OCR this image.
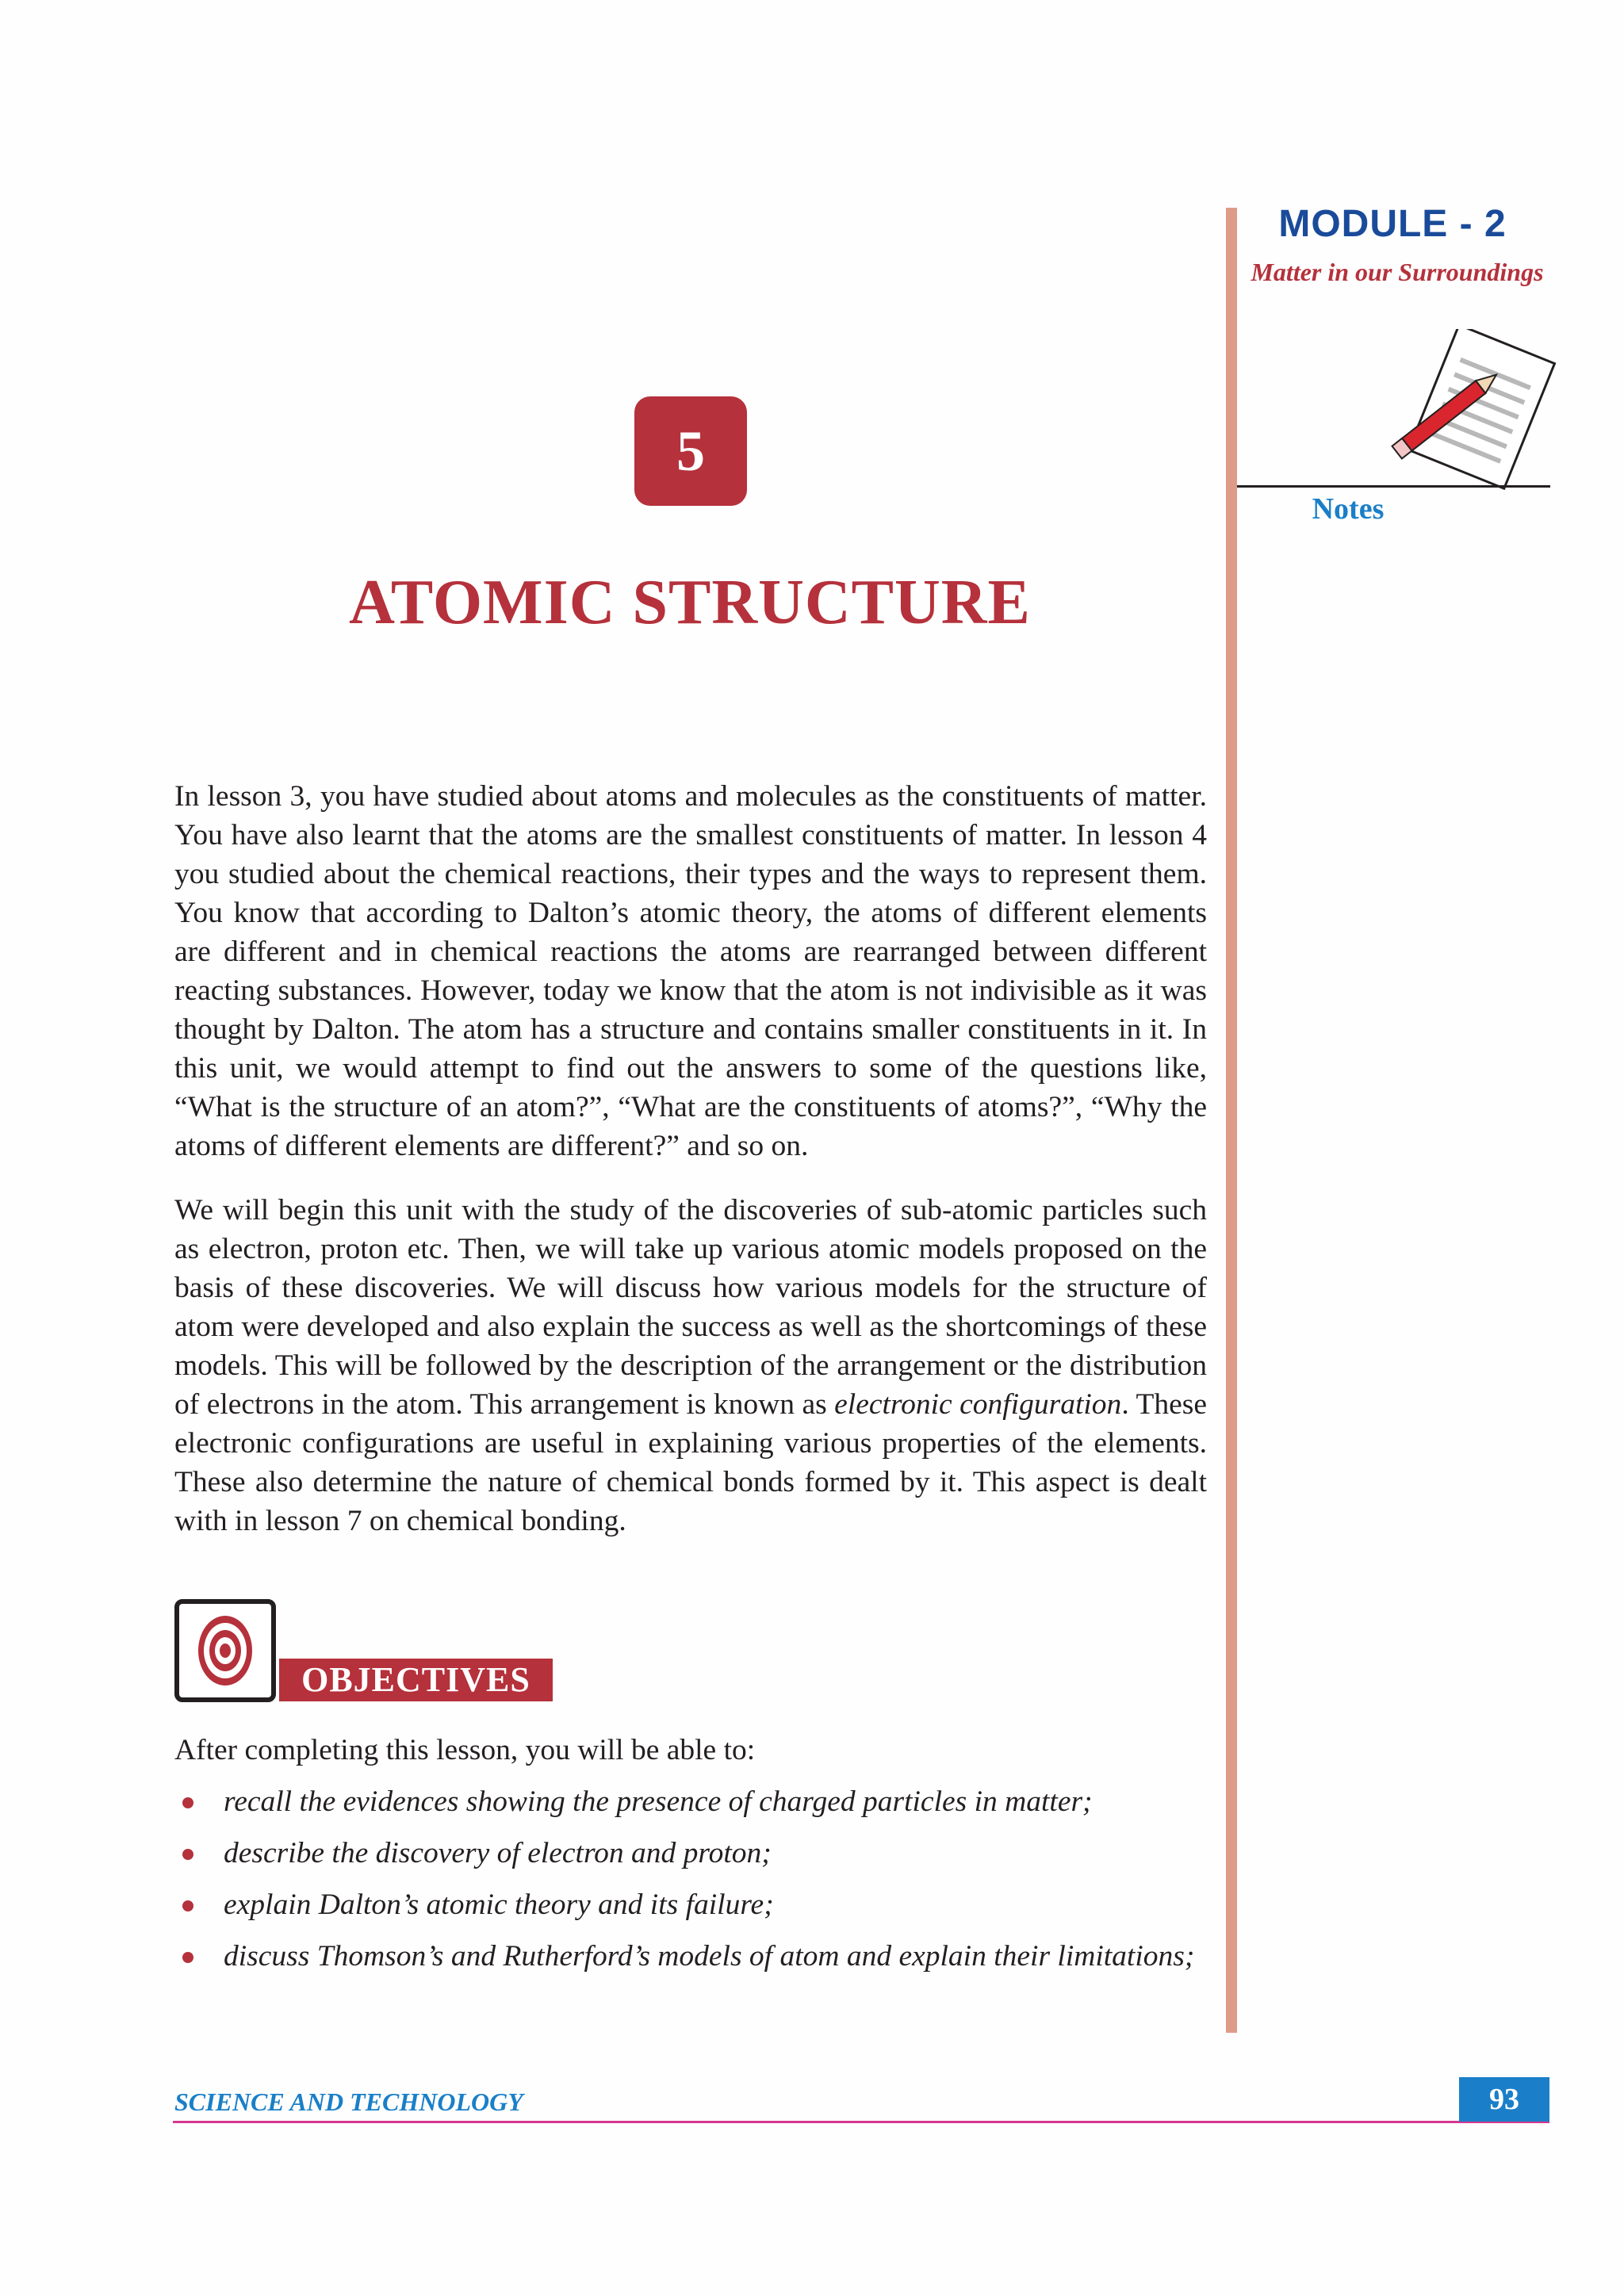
MODULE - 2
Matter in our Surroundings
Notes
5
ATOMIC STRUCTURE

In lesson 3, you have studied about atoms and molecules as the constituents of matter. You have also learnt that the atoms are the smallest constituents of matter. In lesson 4 you studied about the chemical reactions, their types and the ways to represent them. You know that according to Dalton’s atomic theory, the atoms of different elements are different and in chemical reactions the atoms are rearranged between different reacting substances. However, today we know that the atom is not indivisible as it was thought by Dalton. The atom has a structure and contains smaller constituents in it. In this unit, we would attempt to find out the answers to some of the questions like, “What is the structure of an atom?”, “What are the constituents of atoms?”, “Why the atoms of different elements are different?” and so on.

We will begin this unit with the study of the discoveries of sub-atomic particles such as electron, proton etc. Then, we will take up various atomic models proposed on the basis of these discoveries. We will discuss how various models for the structure of atom were developed and also explain the success as well as the shortcomings of these models. This will be followed by the description of the arrangement or the distribution of electrons in the atom. This arrangement is known as electronic configuration. These electronic configurations are useful in explaining various properties of the elements. These also determine the nature of chemical bonds formed by it. This aspect is dealt with in lesson 7 on chemical bonding.

OBJECTIVES
After completing this lesson, you will be able to:
recall the evidences showing the presence of charged particles in matter;
describe the discovery of electron and proton;
explain Dalton’s atomic theory and its failure;
discuss Thomson’s and Rutherford’s models of atom and explain their limitations;
SCIENCE AND TECHNOLOGY	93
